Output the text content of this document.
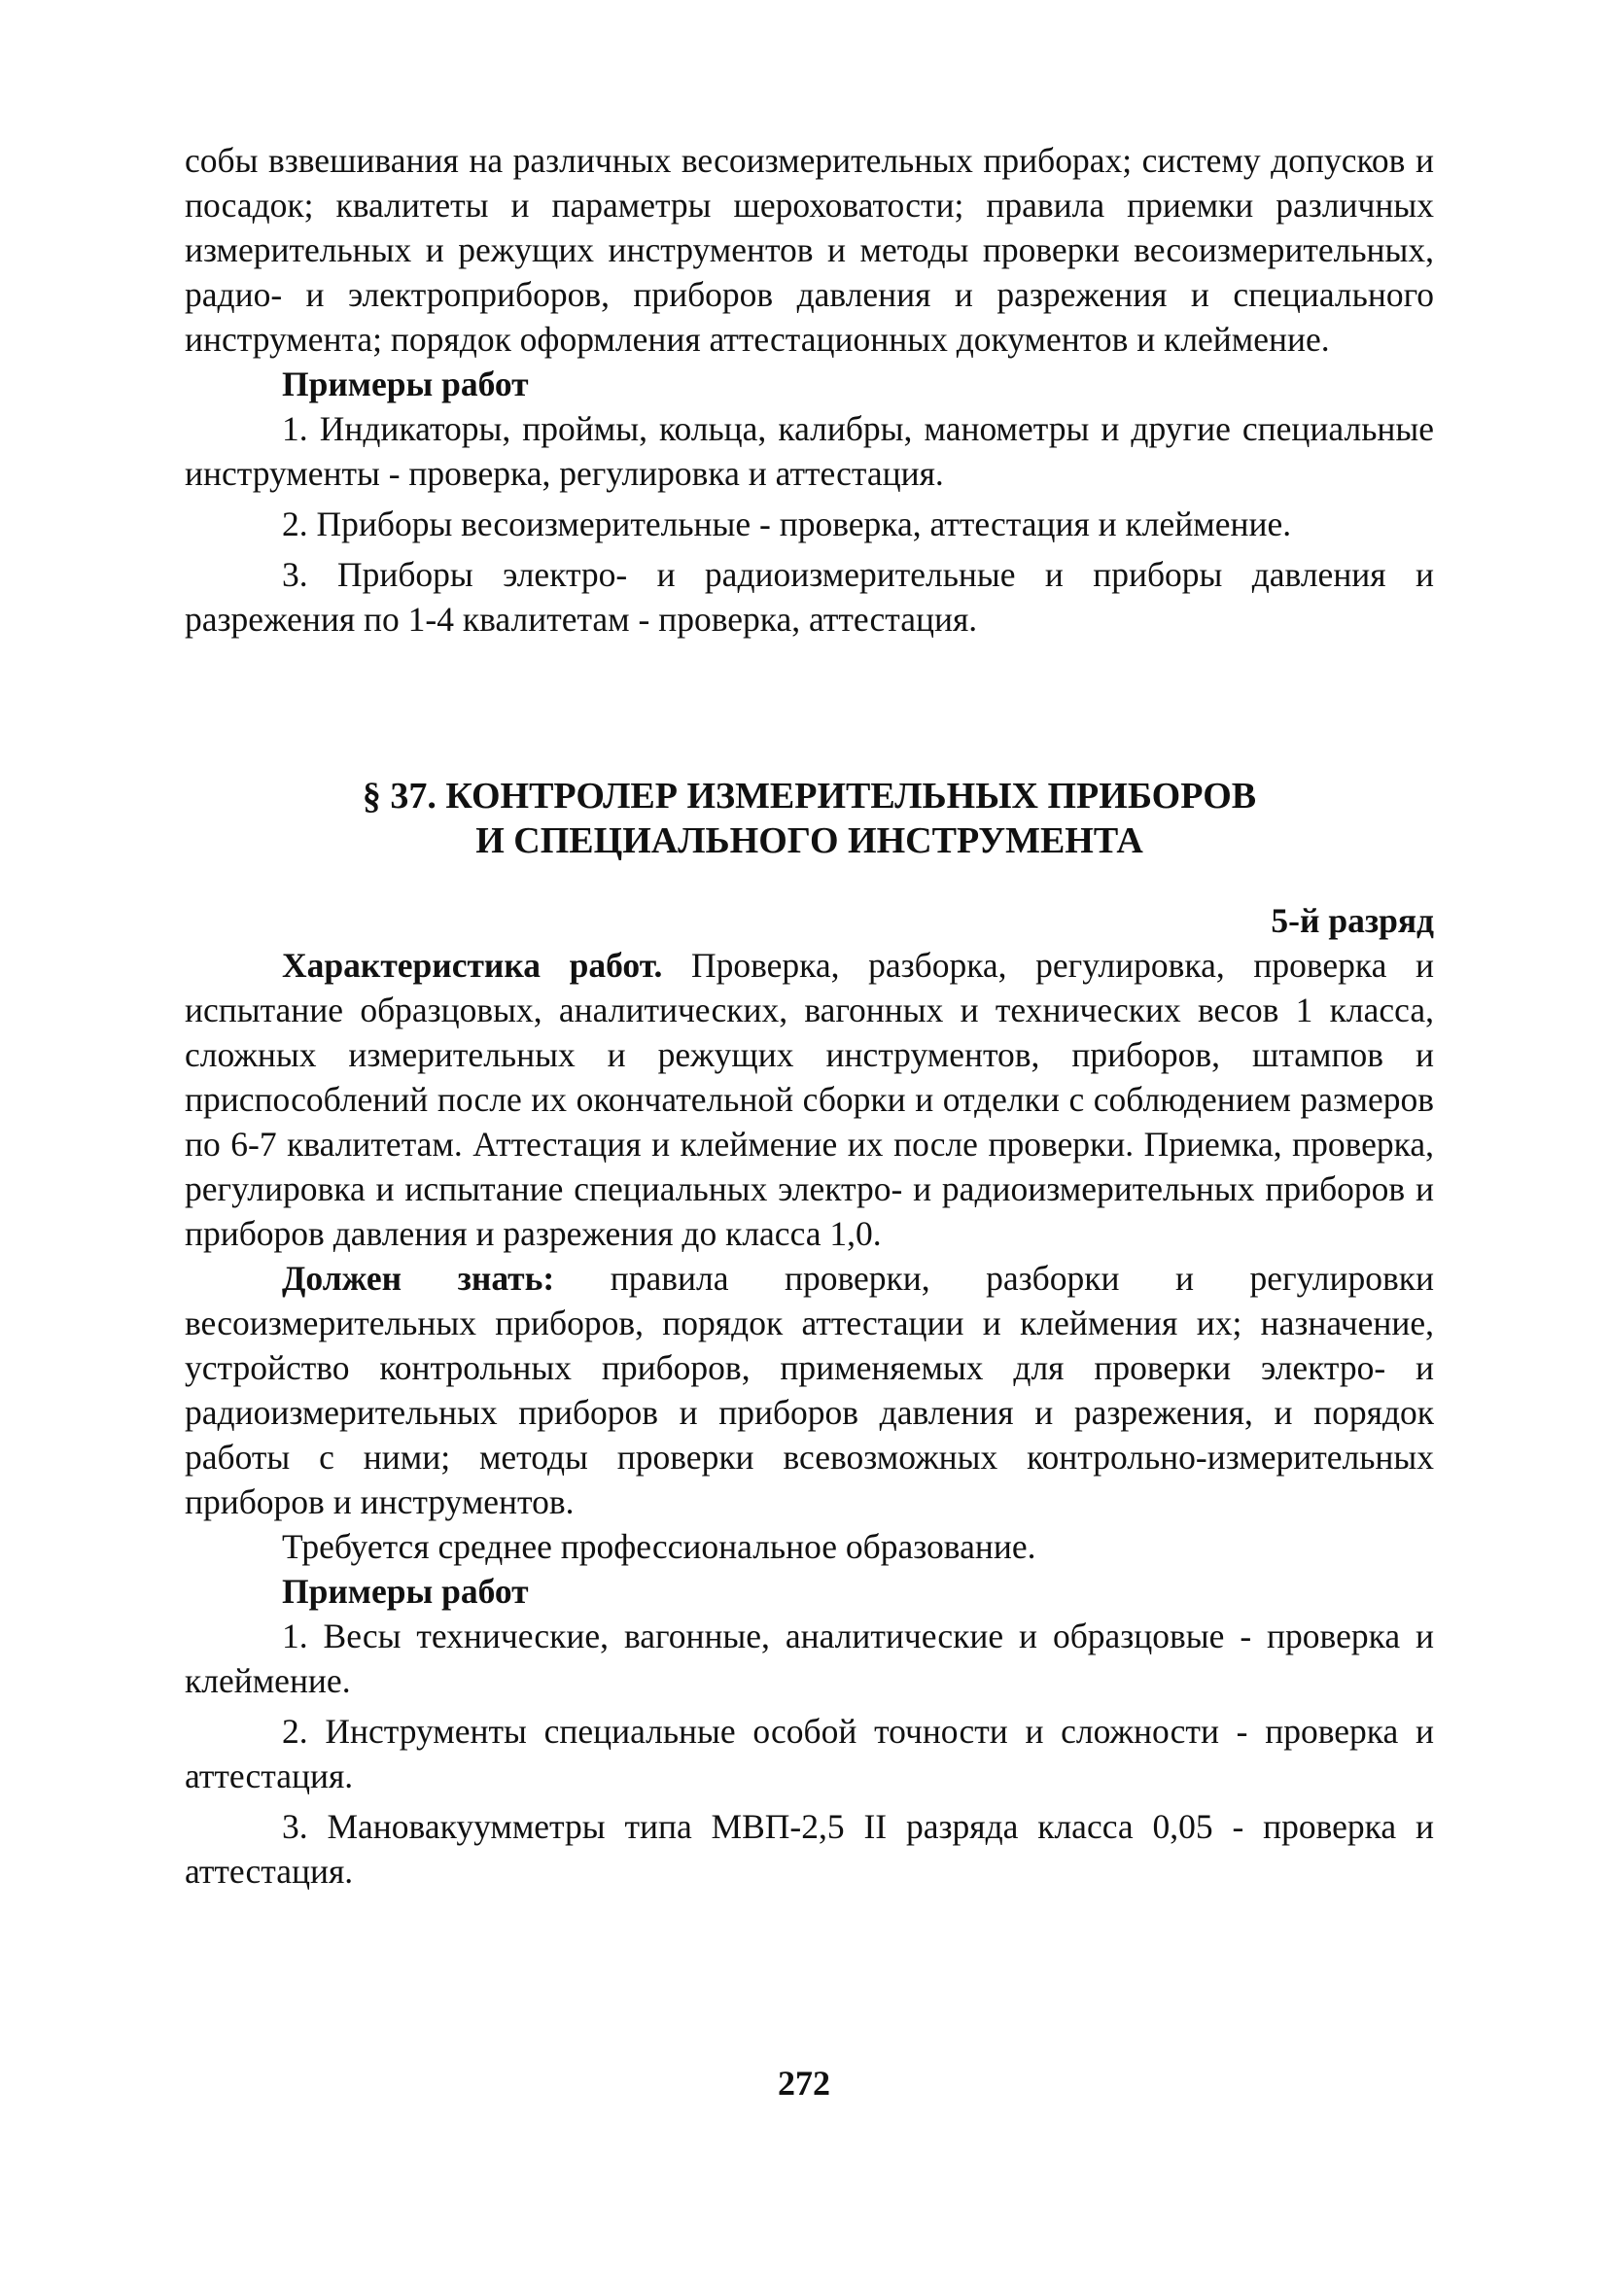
собы взвешивания на различных весоизмерительных приборах; систему допусков и посадок; квалитеты и параметры шероховатости; правила приемки различных измерительных и режущих инструментов и методы проверки весоизмерительных, радио- и электроприборов, приборов давления и разрежения и специального инструмента; порядок оформления аттестационных документов и клеймение.

Примеры работ

1. Индикаторы, проймы, кольца, калибры, манометры и другие специальные инструменты - проверка, регулировка и аттестация.

2. Приборы весоизмерительные - проверка, аттестация и клеймение.

3. Приборы электро- и радиоизмерительные и приборы давления и разрежения по 1-4 квалитетам - проверка, аттестация.

§ 37. КОНТРОЛЕР ИЗМЕРИТЕЛЬНЫХ ПРИБОРОВ
И СПЕЦИАЛЬНОГО ИНСТРУМЕНТА

5-й разряд

Характеристика работ. Проверка, разборка, регулировка, проверка и испытание образцовых, аналитических, вагонных и технических весов 1 класса, сложных измерительных и режущих инструментов, приборов, штампов и приспособлений после их окончательной сборки и отделки с соблюдением размеров по 6-7 квалитетам. Аттестация и клеймение их после проверки. Приемка, проверка, регулировка и испытание специальных электро- и радиоизмерительных приборов и приборов давления и разрежения до класса 1,0.

Должен знать: правила проверки, разборки и регулировки весоизмерительных приборов, порядок аттестации и клеймения их; назначение, устройство контрольных приборов, применяемых для проверки электро- и радиоизмерительных приборов и приборов давления и разрежения, и порядок работы с ними; методы проверки всевозможных контрольно-измерительных приборов и инструментов.

Требуется среднее профессиональное образование.

Примеры работ

1. Весы технические, вагонные, аналитические и образцовые - проверка и клеймение.

2. Инструменты специальные особой точности и сложности - проверка и аттестация.

3. Мановакуумметры типа МВП-2,5 II разряда класса 0,05 - проверка и аттестация.

272
